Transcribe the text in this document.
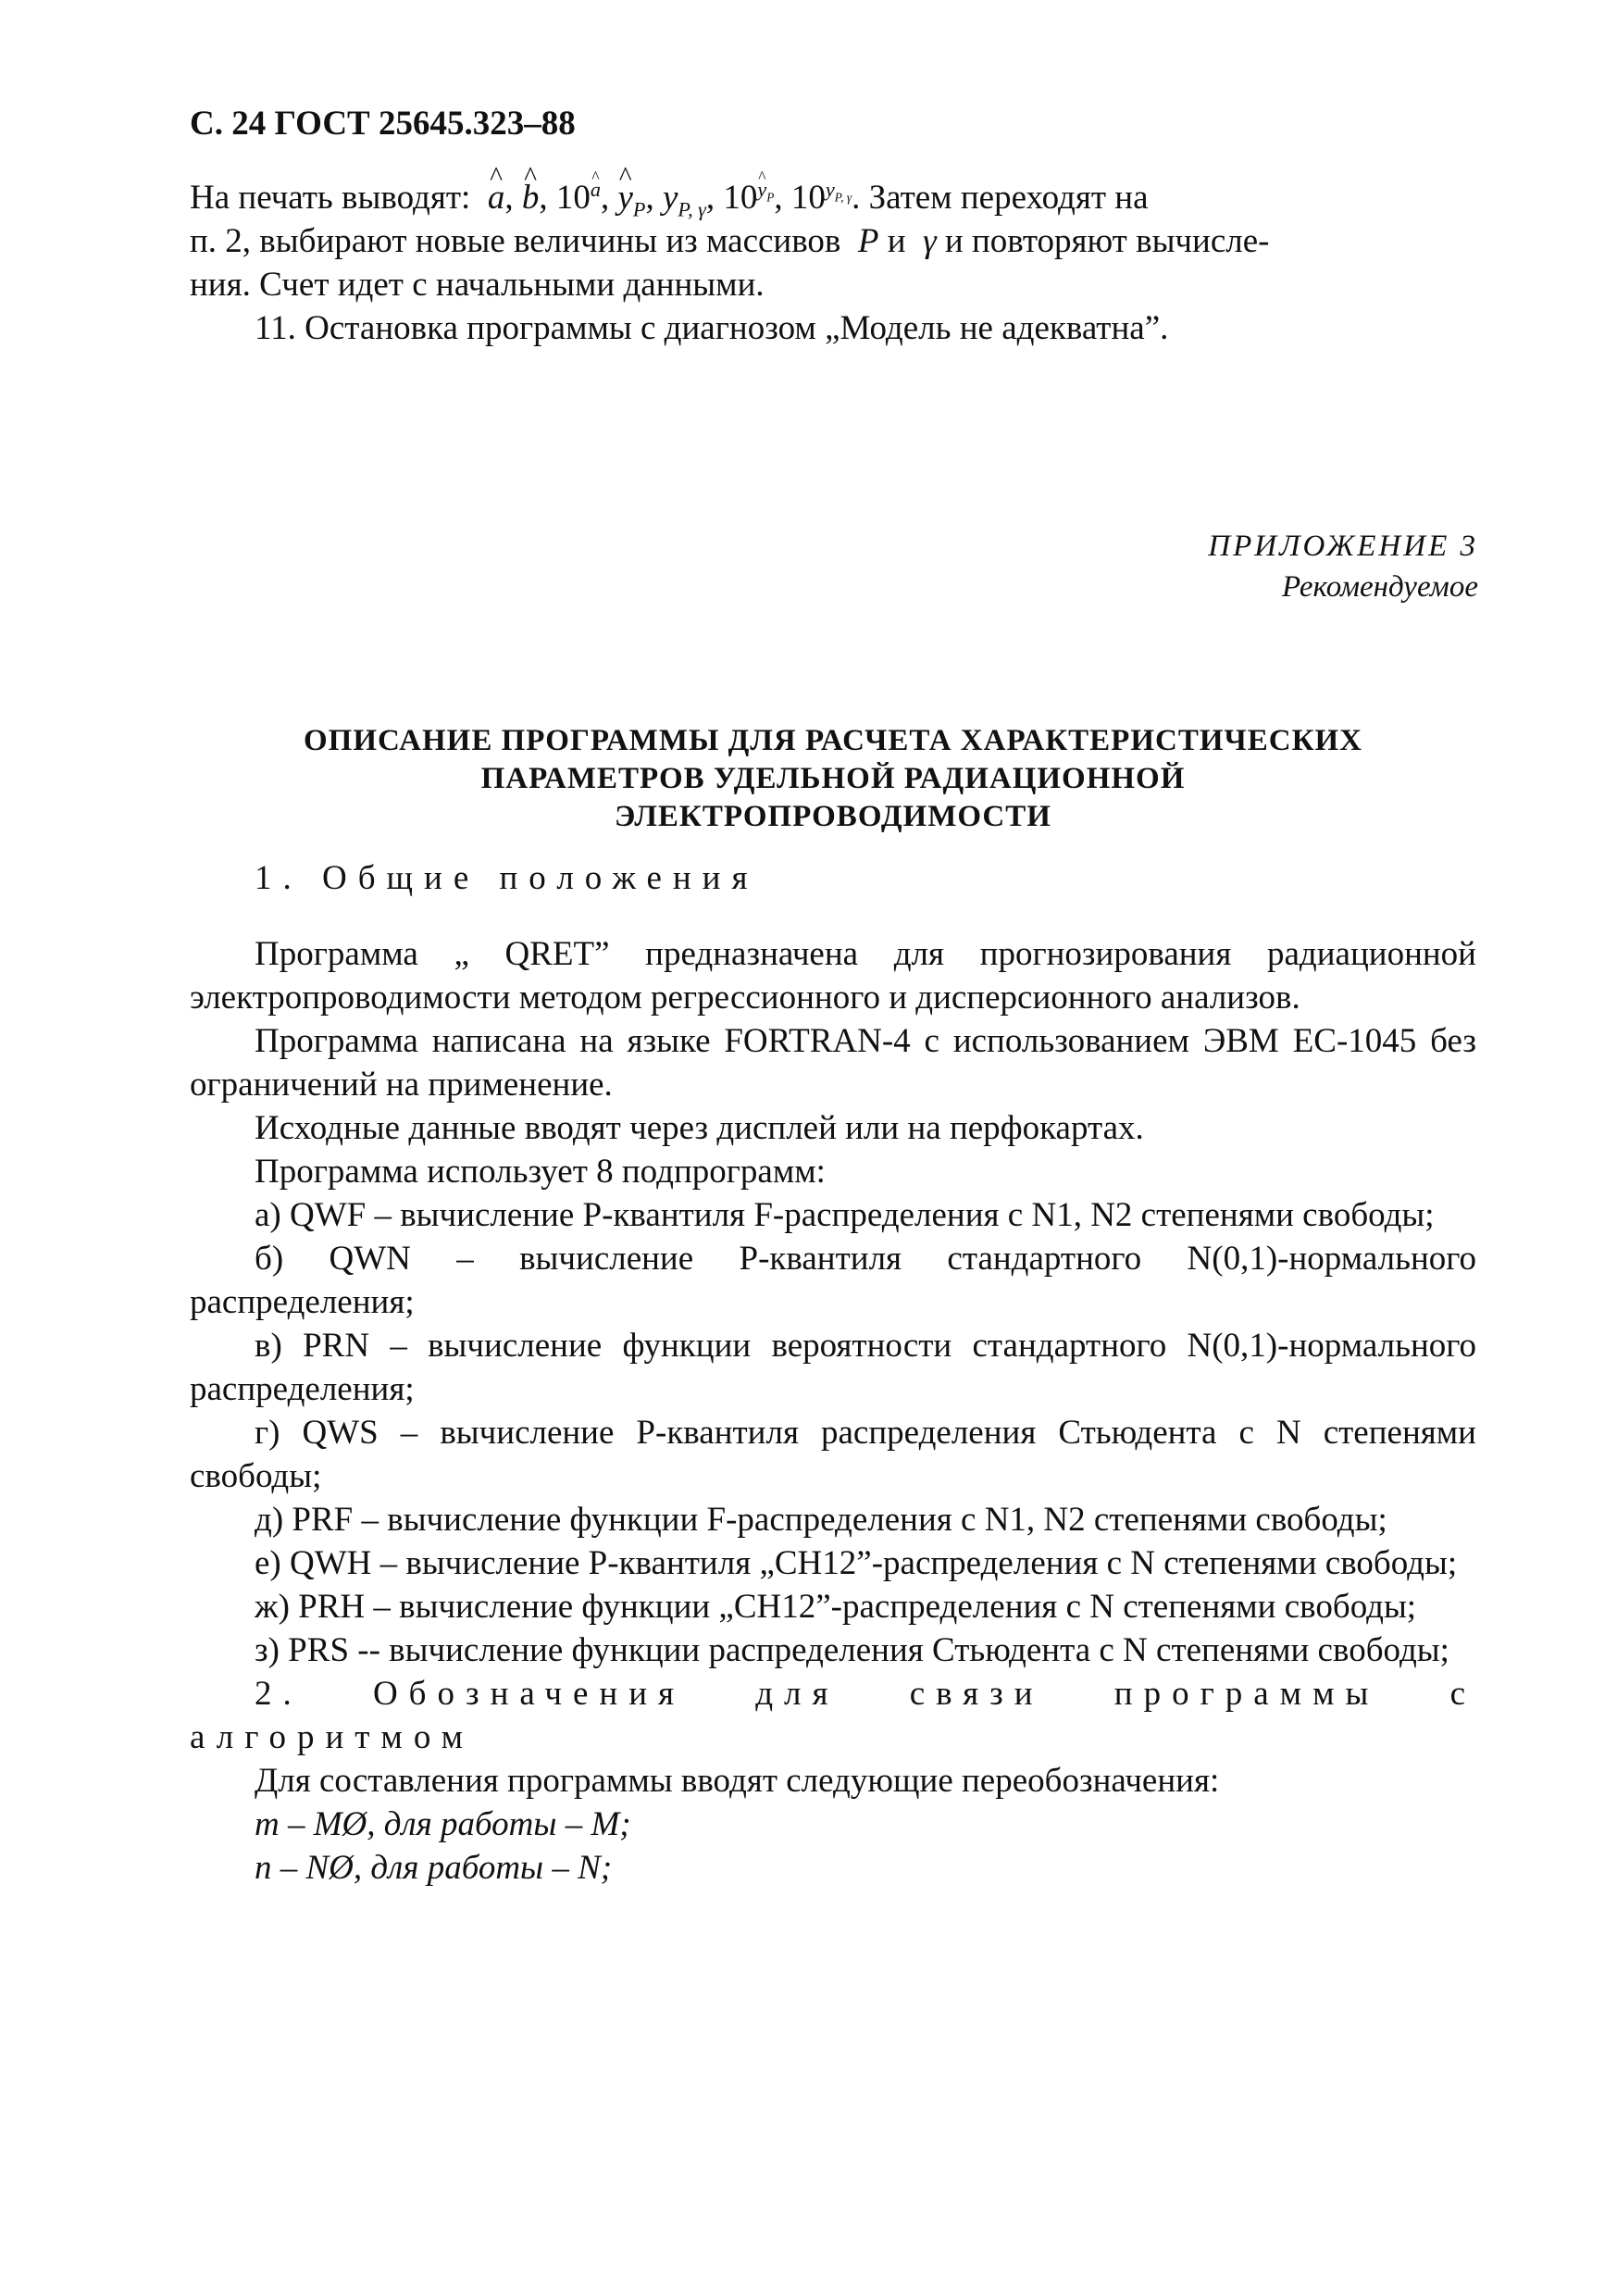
С. 24 ГОСТ 25645.323–88

На печать выводят:  ^ a, ^ b, 10$^a$, ^ $y_P$, $y_{P, \gamma}$, $10^{y_P}$, $10^{y_{P, \gamma}}$. Затем переходят на

п. 2, выбирают новые величины из массивов P и γ и повторяют вычисле-

ния. Счет идет с начальными данными.

11. Остановка программы с диагнозом „Модель не адекватна”.

ПРИЛОЖЕНИЕ 3
Рекомендуемое
ОПИСАНИЕ ПРОГРАММЫ ДЛЯ РАСЧЕТА ХАРАКТЕРИСТИЧЕСКИХ
ПАРАМЕТРОВ УДЕЛЬНОЙ РАДИАЦИОННОЙ
ЭЛЕКТРОПРОВОДИМОСТИ

1. Общие положения

Программа „ QRET” предназначена для прогнозирования радиационной электропроводимости методом регрессионного и дисперсионного анализов.

Программа написана на языке FORTRAN-4 с использованием ЭВМ ЕС-1045 без ограничений на применение.

Исходные данные вводят через дисплей или на перфокартах.

Программа использует 8 подпрограмм:

а) QWF – вычисление P-квантиля F-распределения с N1, N2 степенями свободы;

б) QWN – вычисление P-квантиля стандартного N(0,1)-нормального распределения;

в) PRN – вычисление функции вероятности стандартного N(0,1)-нормального распределения;

г) QWS – вычисление P-квантиля распределения Стьюдента с N степенями свободы;

д) PRF – вычисление функции F-распределения с N1, N2 степенями свободы;

е) QWH – вычисление P-квантиля „СН12”-распределения с N степенями свободы;

ж) PRH – вычисление функции „СН12”-распределения с N степенями свободы;

з) PRS -- вычисление функции распределения Стьюдента с N степенями свободы;

2. Обозначения для связи программы с алгоритмом

Для составления программы вводят следующие переобозначения:

m – MØ, для работы – M;

n – NØ, для работы – N;
